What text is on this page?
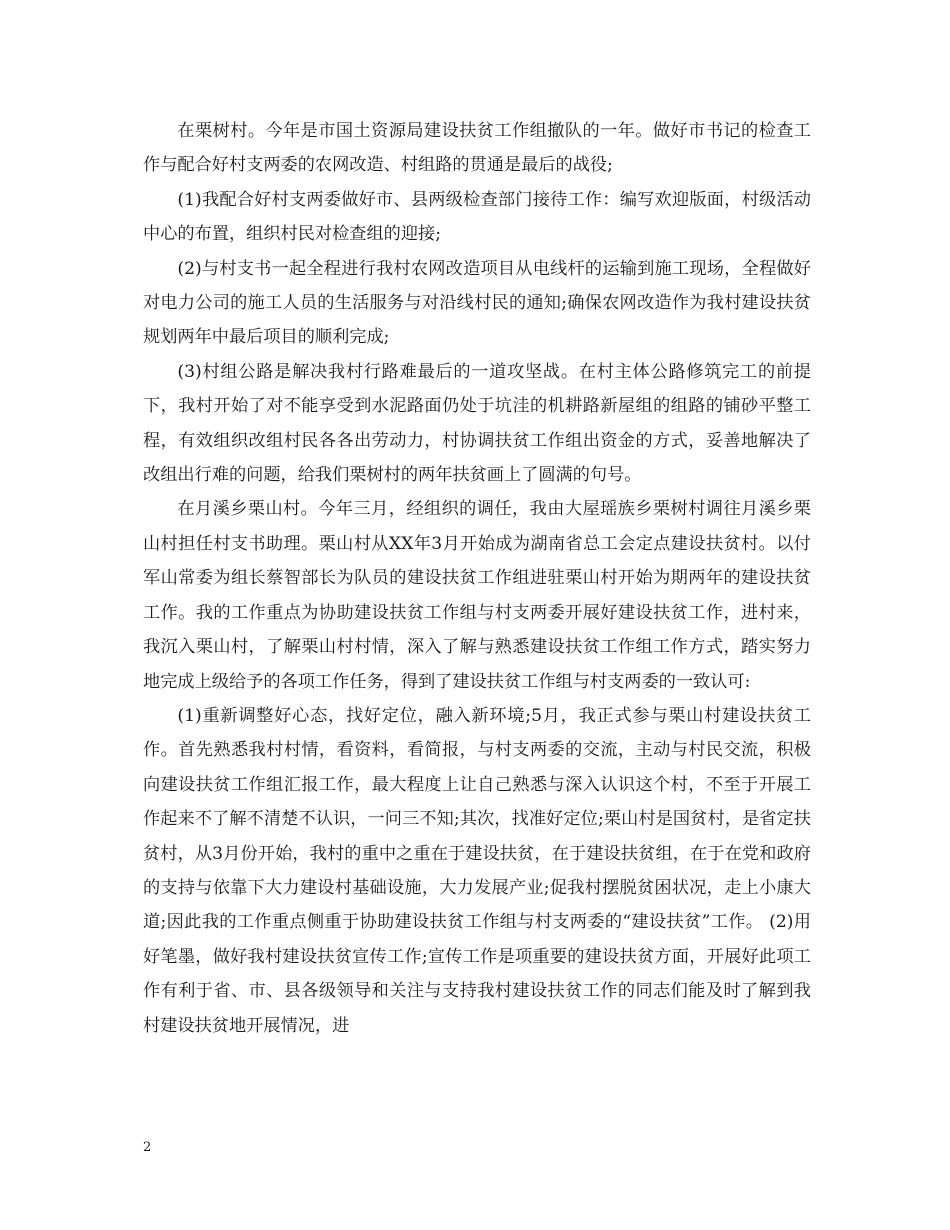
在栗树村。今年是市国土资源局建设扶贫工作组撤队的一年。做好市书记的检查工作与配合好村支两委的农网改造、村组路的贯通是最后的战役;

(1)我配合好村支两委做好市、县两级检查部门接待工作：编写欢迎版面，村级活动中心的布置，组织村民对检查组的迎接;

(2)与村支书一起全程进行我村农网改造项目从电线杆的运输到施工现场，全程做好对电力公司的施工人员的生活服务与对沿线村民的通知;确保农网改造作为我村建设扶贫规划两年中最后项目的顺利完成;

(3)村组公路是解决我村行路难最后的一道攻坚战。在村主体公路修筑完工的前提下，我村开始了对不能享受到水泥路面仍处于坑洼的机耕路新屋组的组路的铺砂平整工程，有效组织改组村民各各出劳动力，村协调扶贫工作组出资金的方式，妥善地解决了改组出行难的问题，给我们栗树村的两年扶贫画上了圆满的句号。

在月溪乡栗山村。今年三月，经组织的调任，我由大屋瑶族乡栗树村调往月溪乡栗山村担任村支书助理。栗山村从XX年3月开始成为湖南省总工会定点建设扶贫村。以付军山常委为组长蔡智部长为队员的建设扶贫工作组进驻栗山村开始为期两年的建设扶贫工作。我的工作重点为协助建设扶贫工作组与村支两委开展好建设扶贫工作，进村来，我沉入栗山村，了解栗山村村情，深入了解与熟悉建设扶贫工作组工作方式，踏实努力地完成上级给予的各项工作任务，得到了建设扶贫工作组与村支两委的一致认可:

(1)重新调整好心态，找好定位，融入新环境;5月，我正式参与栗山村建设扶贫工作。首先熟悉我村村情，看资料，看简报，与村支两委的交流，主动与村民交流，积极向建设扶贫工作组汇报工作，最大程度上让自己熟悉与深入认识这个村，不至于开展工作起来不了解不清楚不认识，一问三不知;其次，找准好定位;栗山村是国贫村，是省定扶贫村，从3月份开始，我村的重中之重在于建设扶贫，在于建设扶贫组，在于在党和政府的支持与依靠下大力建设村基础设施，大力发展产业;促我村摆脱贫困状况，走上小康大道;因此我的工作重点侧重于协助建设扶贫工作组与村支两委的“建设扶贫”工作。 (2)用好笔墨，做好我村建设扶贫宣传工作;宣传工作是项重要的建设扶贫方面，开展好此项工作有利于省、市、县各级领导和关注与支持我村建设扶贫工作的同志们能及时了解到我村建设扶贫地开展情况，进

2
